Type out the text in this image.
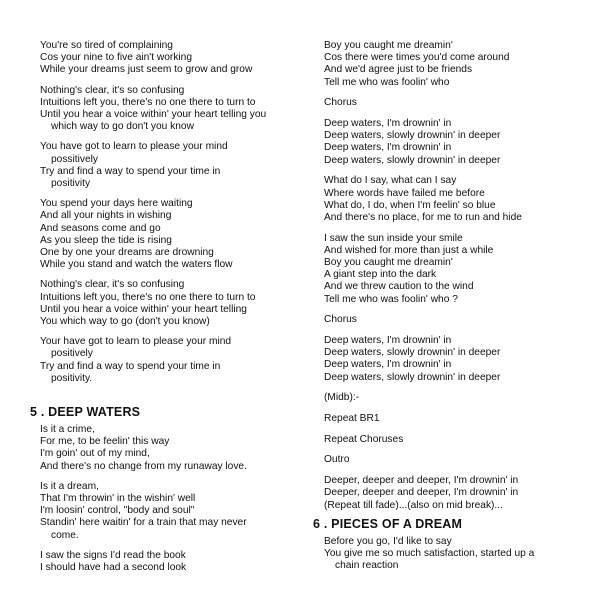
You're so tired of complaining
Cos your nine to five ain't working
While your dreams just seem to grow and grow
Nothing's clear, it's so confusing
Intuitions left you, there's no one there to turn to
Until you hear a voice within' your heart telling you
which way to go don't you know
You have got to learn to please your mind
possitively
Try and find a way to spend your time in
positivity
You spend your days here waiting
And all your nights in wishing
And seasons come and go
As you sleep the tide is rising
One by one your dreams are drowning
While you stand and watch the waters flow
Nothing's clear, it's so confusing
Intuitions left you, there's no one there to turn to
Until you hear a voice within' your heart telling
You which way to go (don't you know)
Your have got to learn to please your mind
positively
Try and find a way to spend your time in
positivity.
5 . DEEP WATERS
Is it a crime,
For me, to be feelin' this way
I'm goin' out of my mind,
And there's no change from my runaway love.
Is it a dream,
That I'm throwin' in the wishin' well
I'm loosin' control, "body and soul"
Standin' here waitin' for a train that may never
come.
I saw the signs I'd read the book
I should have had a second look
Boy you caught me dreamin'
Cos there were times you'd come around
And we'd agree just to be friends
Tell me who was foolin' who
Chorus
Deep waters, I'm drownin' in
Deep waters, slowly drownin' in deeper
Deep waters, I'm drownin' in
Deep waters, slowly drownin' in deeper
What do I say, what can I say
Where words have failed me before
What do, I do, when I'm feelin' so blue
And there's no place, for me to run and hide
I saw the sun inside your smile
And wished for more than just a while
Boy you caught me dreamin'
A giant step into the dark
And we threw caution to the wind
Tell me who was foolin' who ?
Chorus
Deep waters, I'm drownin' in
Deep waters, slowly drownin' in deeper
Deep waters, I'm drownin' in
Deep waters, slowly drownin' in deeper
(Midb):-
Repeat BR1
Repeat Choruses
Outro
Deeper, deeper and deeper, I'm drownin' in
Deeper, deeper and deeper, I'm drownin' in
(Repeat till fade)...(also on mid break)...
6 . PIECES OF A DREAM
Before you go, I'd like to say
You give me so much satisfaction, started up a
chain reaction
